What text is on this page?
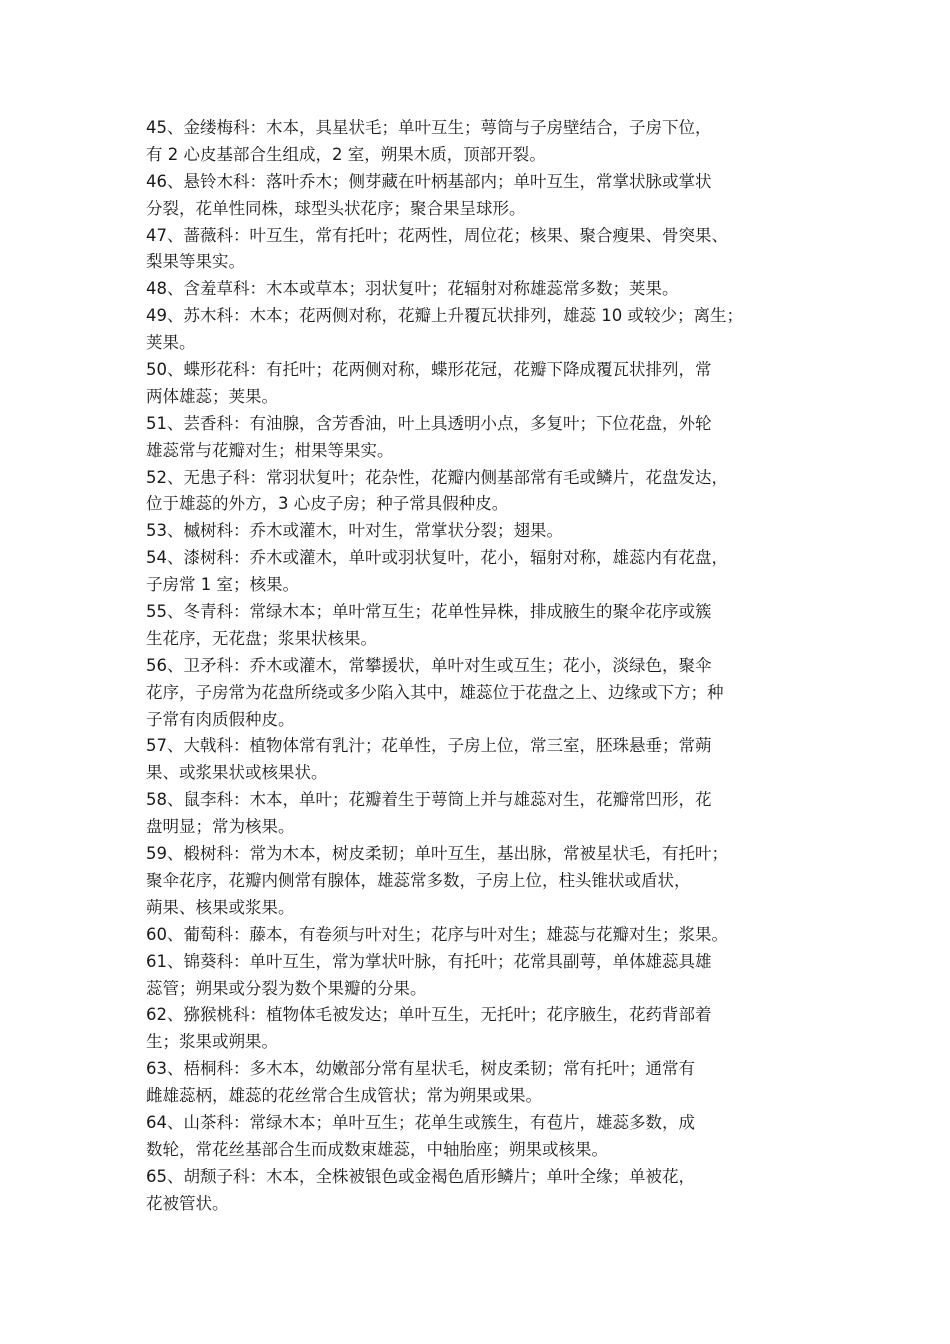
45、金缕梅科：木本，具星状毛；单叶互生；萼筒与子房壁结合，子房下位，
有 2 心皮基部合生组成，2 室，朔果木质，顶部开裂。
46、悬铃木科：落叶乔木；侧芽藏在叶柄基部内；单叶互生，常掌状脉或掌状
分裂，花单性同株，球型头状花序；聚合果呈球形。
47、蔷薇科：叶互生，常有托叶；花两性，周位花；核果、聚合瘦果、骨突果、
梨果等果实。
48、含羞草科：木本或草本；羽状复叶；花辐射对称雄蕊常多数；荚果。
49、苏木科：木本；花两侧对称，花瓣上升覆瓦状排列，雄蕊 10 或较少；离生；
荚果。
50、蝶形花科：有托叶；花两侧对称，蝶形花冠，花瓣下降成覆瓦状排列，常
两体雄蕊；荚果。
51、芸香科：有油腺，含芳香油，叶上具透明小点，多复叶；下位花盘，外轮
雄蕊常与花瓣对生；柑果等果实。
52、无患子科：常羽状复叶；花杂性，花瓣内侧基部常有毛或鳞片，花盘发达，
位于雄蕊的外方，3 心皮子房；种子常具假种皮。
53、槭树科：乔木或灌木，叶对生，常掌状分裂；翅果。
54、漆树科：乔木或灌木，单叶或羽状复叶，花小，辐射对称，雄蕊内有花盘，
子房常 1 室；核果。
55、冬青科：常绿木本；单叶常互生；花单性异株，排成腋生的聚伞花序或簇
生花序，无花盘；浆果状核果。
56、卫矛科：乔木或灌木，常攀援状，单叶对生或互生；花小，淡绿色，聚伞
花序，子房常为花盘所绕或多少陷入其中，雄蕊位于花盘之上、边缘或下方；种
子常有肉质假种皮。
57、大戟科：植物体常有乳汁；花单性，子房上位，常三室，胚珠悬垂；常蒴
果、或浆果状或核果状。
58、鼠李科：木本，单叶；花瓣着生于萼筒上并与雄蕊对生，花瓣常凹形，花
盘明显；常为核果。
59、椴树科：常为木本，树皮柔韧；单叶互生，基出脉，常被星状毛，有托叶；
聚伞花序，花瓣内侧常有腺体，雄蕊常多数，子房上位，柱头锥状或盾状，
蒴果、核果或浆果。
60、葡萄科：藤本，有卷须与叶对生；花序与叶对生；雄蕊与花瓣对生；浆果。
61、锦葵科：单叶互生，常为掌状叶脉，有托叶；花常具副萼，单体雄蕊具雄
蕊管；朔果或分裂为数个果瓣的分果。
62、猕猴桃科：植物体毛被发达；单叶互生，无托叶；花序腋生，花药背部着
生；浆果或朔果。
63、梧桐科：多木本，幼嫩部分常有星状毛，树皮柔韧；常有托叶；通常有
雌雄蕊柄，雄蕊的花丝常合生成管状；常为朔果或果。
64、山茶科：常绿木本；单叶互生；花单生或簇生，有苞片，雄蕊多数，成
数轮，常花丝基部合生而成数束雄蕊，中轴胎座；朔果或核果。
65、胡颓子科：木本，全株被银色或金褐色盾形鳞片；单叶全缘；单被花，
花被管状。
